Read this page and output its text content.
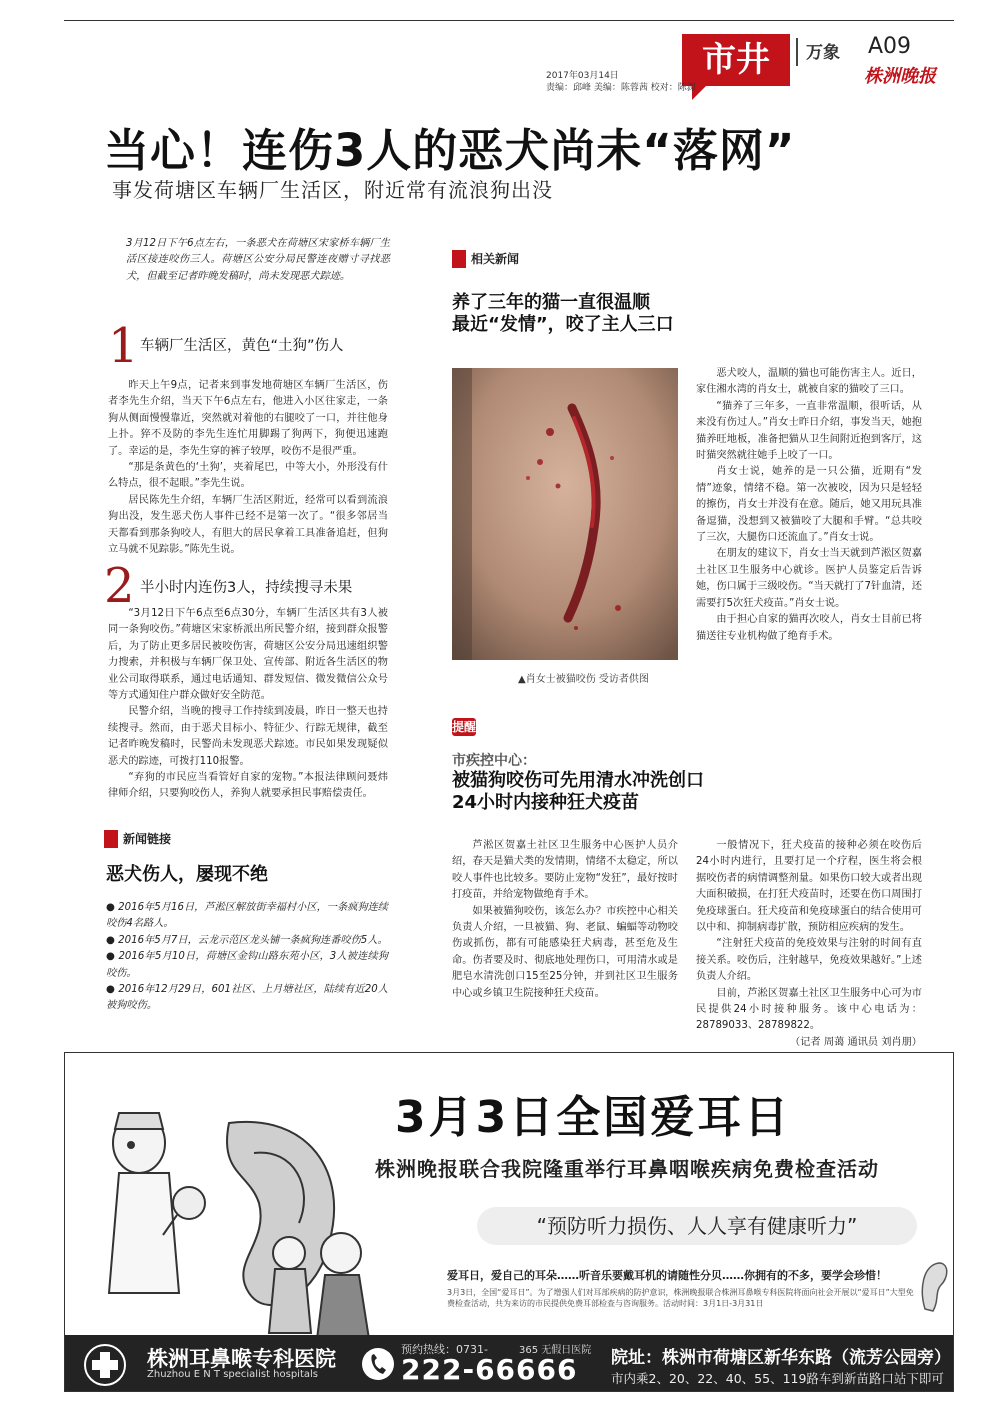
市井	万象 A09
株洲晚报
2017年03月14日
责编：邱峰 美编：陈蓉茜 校对：陈源
当心！连伤3人的恶犬尚未“落网”
事发荷塘区车辆厂生活区，附近常有流浪狗出没

3月12日下午6点左右，一条恶犬在荷塘区宋家桥车辆厂生活区接连咬伤三人。荷塘区公安分局民警连夜赠寸寻找恶犬，但截至记者昨晚发稿时，尚未发现恶犬踪迹。

1 车辆厂生活区，黄色“土狗”伤人

昨天上午9点，记者来到事发地荷塘区车辆厂生活区，伤者李先生介绍，当天下午6点左右，他进入小区往家走，一条狗从侧面慢慢靠近，突然就对着他的右腿咬了一口，并往他身上扑。猝不及防的李先生连忙用脚踢了狗两下，狗便迅速跑了。幸运的是，李先生穿的裤子较厚，咬伤不是很严重。

“那是条黄色的‘土狗’，夹着尾巴，中等大小，外形没有什么特点，很不起眼。”李先生说。

居民陈先生介绍，车辆厂生活区附近，经常可以看到流浪狗出没，发生恶犬伤人事件已经不是第一次了。“很多邻居当天都看到那条狗咬人，有胆大的居民拿着工具准备追赶，但狗立马就不见踪影。”陈先生说。

2 半小时内连伤3人，持续搜寻未果

“3月12日下午6点至6点30分，车辆厂生活区共有3人被同一条狗咬伤。”荷塘区宋家桥派出所民警介绍，接到群众报警后，为了防止更多居民被咬伤害，荷塘区公安分局迅速组织警力搜索，并积极与车辆厂保卫处、宣传部、附近各生活区的物业公司取得联系，通过电话通知、群发短信、微发微信公众号等方式通知住户群众做好安全防范。

民警介绍，当晚的搜寻工作持续到凌晨，昨日一整天也持续搜寻。然而，由于恶犬目标小、特征少、行踪无规律，截至记者昨晚发稿时，民警尚未发现恶犬踪迹。市民如果发现疑似恶犬的踪迹，可拨打110报警。

“弃狗的市民应当看管好自家的宠物。”本报法律顾问聂炜律师介绍，只要狗咬伤人，养狗人就要承担民事赔偿责任。

新闻链接
恶犬伤人，屡现不绝

● 2016年5月16日，芦淞区解放街幸福村小区，一条疯狗连续咬伤4名路人。

● 2016年5月7日，云龙示范区龙头铺一条疯狗连番咬伤5人。

● 2016年5月10日，荷塘区金钩山路东苑小区，3人被连续狗咬伤。

● 2016年12月29日，601社区、上月塘社区，陆续有近20人被狗咬伤。

相关新闻
养了三年的猫一直很温顺
最近“发情”，咬了主人三口
▲肖女士被猫咬伤 受访者供图

恶犬咬人，温顺的猫也可能伤害主人。近日，家住湘水湾的肖女士，就被自家的猫咬了三口。

“猫养了三年多，一直非常温顺，很听话，从来没有伤过人。”肖女士昨日介绍，事发当天，她抱猫养旺地板，准备把猫从卫生间附近抱到客厅，这时猫突然就往她手上咬了一口。

肖女士说，她养的是一只公猫，近期有“发情”迹象，情绪不稳。第一次被咬，因为只是轻轻的擦伤，肖女士并没有在意。随后，她又用玩具准备逗猫，没想到又被猫咬了大腿和手臂。“总共咬了三次，大腿伤口还流血了。”肖女士说。

在朋友的建议下，肖女士当天就到芦淞区贺嘉土社区卫生服务中心就诊。医护人员鉴定后告诉她，伤口属于三级咬伤。“当天就打了7针血清，还需要打5次狂犬疫苗。”肖女士说。

由于担心自家的猫再次咬人，肖女士目前已将猫送往专业机构做了绝育手术。

提醒
市疾控中心：
被猫狗咬伤可先用清水冲洗创口
24小时内接种狂犬疫苗

芦淞区贺嘉土社区卫生服务中心医护人员介绍，春天是猫犬类的发情期，情绪不太稳定，所以咬人事件也比较多。要防止宠物“发狂”，最好按时打疫苗，并给宠物做绝育手术。

如果被猫狗咬伤，该怎么办？市疾控中心相关负责人介绍，一旦被猫、狗、老鼠、蝙蝠等动物咬伤或抓伤，都有可能感染狂犬病毒，甚至危及生命。伤者要及时、彻底地处理伤口，可用清水或是肥皂水清洗创口15至25分钟，并到社区卫生服务中心或乡镇卫生院接种狂犬疫苗。

一般情况下，狂犬疫苗的接种必须在咬伤后24小时内进行，且要打足一个疗程，医生将会根据咬伤者的病情调整剂量。如果伤口较大或者出现大面积破损，在打狂犬疫苗时，还要在伤口周围打免疫球蛋白。狂犬疫苗和免疫球蛋白的结合使用可以中和、抑制病毒扩散，预防相应疾病的发生。

“注射狂犬疫苗的免疫效果与注射的时间有直接关系。咬伤后，注射越早，免疫效果越好。”上述负责人介绍。

目前，芦淞区贺嘉土社区卫生服务中心可为市民提供24小时接种服务。该中心电话为：28789033、28789822。

（记者 周蔼 通讯员 刘肖朋）

3月3日全国爱耳日
株洲晚报联合我院隆重举行耳鼻咽喉疾病免费检查活动
“预防听力损伤、人人享有健康听力”
爱耳日，爱自己的耳朵……听音乐要戴耳机的请随性分贝……你拥有的不多，要学会珍惜！
3月3日，全国“爱耳日”。为了增强人们对耳部疾病的防护意识，株洲晚报联合株洲耳鼻喉专科医院将面向社会开展以“爱耳日”大型免费检查活动，共为来访的市民提供免费耳部检查与咨询服务。活动时间：3月1日-3月31日
株洲耳鼻喉专科医院
Zhuzhou E N T specialist hospitals
预约热线：0731-
222-66666
365 无假日医院 院址：株洲市荷塘区新华东路（流芳公园旁）
市内乘2、20、22、40、55、119路车到新苗路口站下即可
